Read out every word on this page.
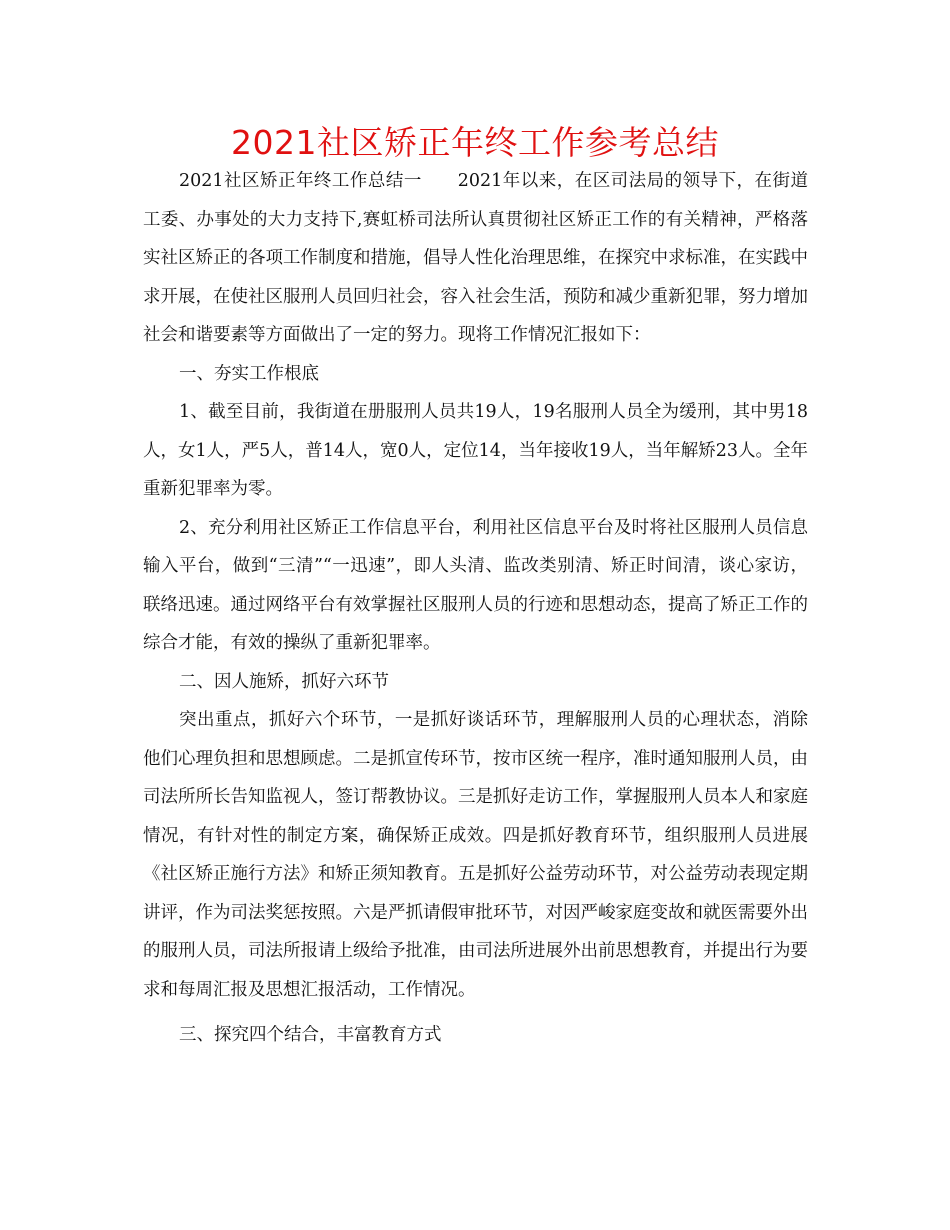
2021社区矫正年终工作参考总结

2021社区矫正年终工作总结一　　2021年以来，在区司法局的领导下，在街道工委、办事处的大力支持下,赛虹桥司法所认真贯彻社区矫正工作的有关精神，严格落实社区矫正的各项工作制度和措施，倡导人性化治理思维，在探究中求标准，在实践中求开展，在使社区服刑人员回归社会，容入社会生活，预防和减少重新犯罪，努力增加社会和谐要素等方面做出了一定的努力。现将工作情况汇报如下：

一、夯实工作根底

1、截至目前，我街道在册服刑人员共19人，19名服刑人员全为缓刑，其中男18人，女1人，严5人，普14人，宽0人，定位14，当年接收19人，当年解矫23人。全年重新犯罪率为零。

2、充分利用社区矫正工作信息平台，利用社区信息平台及时将社区服刑人员信息输入平台，做到“三清”“一迅速”，即人头清、监改类别清、矫正时间清，谈心家访，联络迅速。通过网络平台有效掌握社区服刑人员的行迹和思想动态，提高了矫正工作的综合才能，有效的操纵了重新犯罪率。

二、因人施矫，抓好六环节

突出重点，抓好六个环节，一是抓好谈话环节，理解服刑人员的心理状态，消除他们心理负担和思想顾虑。二是抓宣传环节，按市区统一程序，准时通知服刑人员，由司法所所长告知监视人，签订帮教协议。三是抓好走访工作，掌握服刑人员本人和家庭情况，有针对性的制定方案，确保矫正成效。四是抓好教育环节，组织服刑人员进展《社区矫正施行方法》和矫正须知教育。五是抓好公益劳动环节，对公益劳动表现定期讲评，作为司法奖惩按照。六是严抓请假审批环节，对因严峻家庭变故和就医需要外出的服刑人员，司法所报请上级给予批准，由司法所进展外出前思想教育，并提出行为要求和每周汇报及思想汇报活动，工作情况。

三、探究四个结合，丰富教育方式
